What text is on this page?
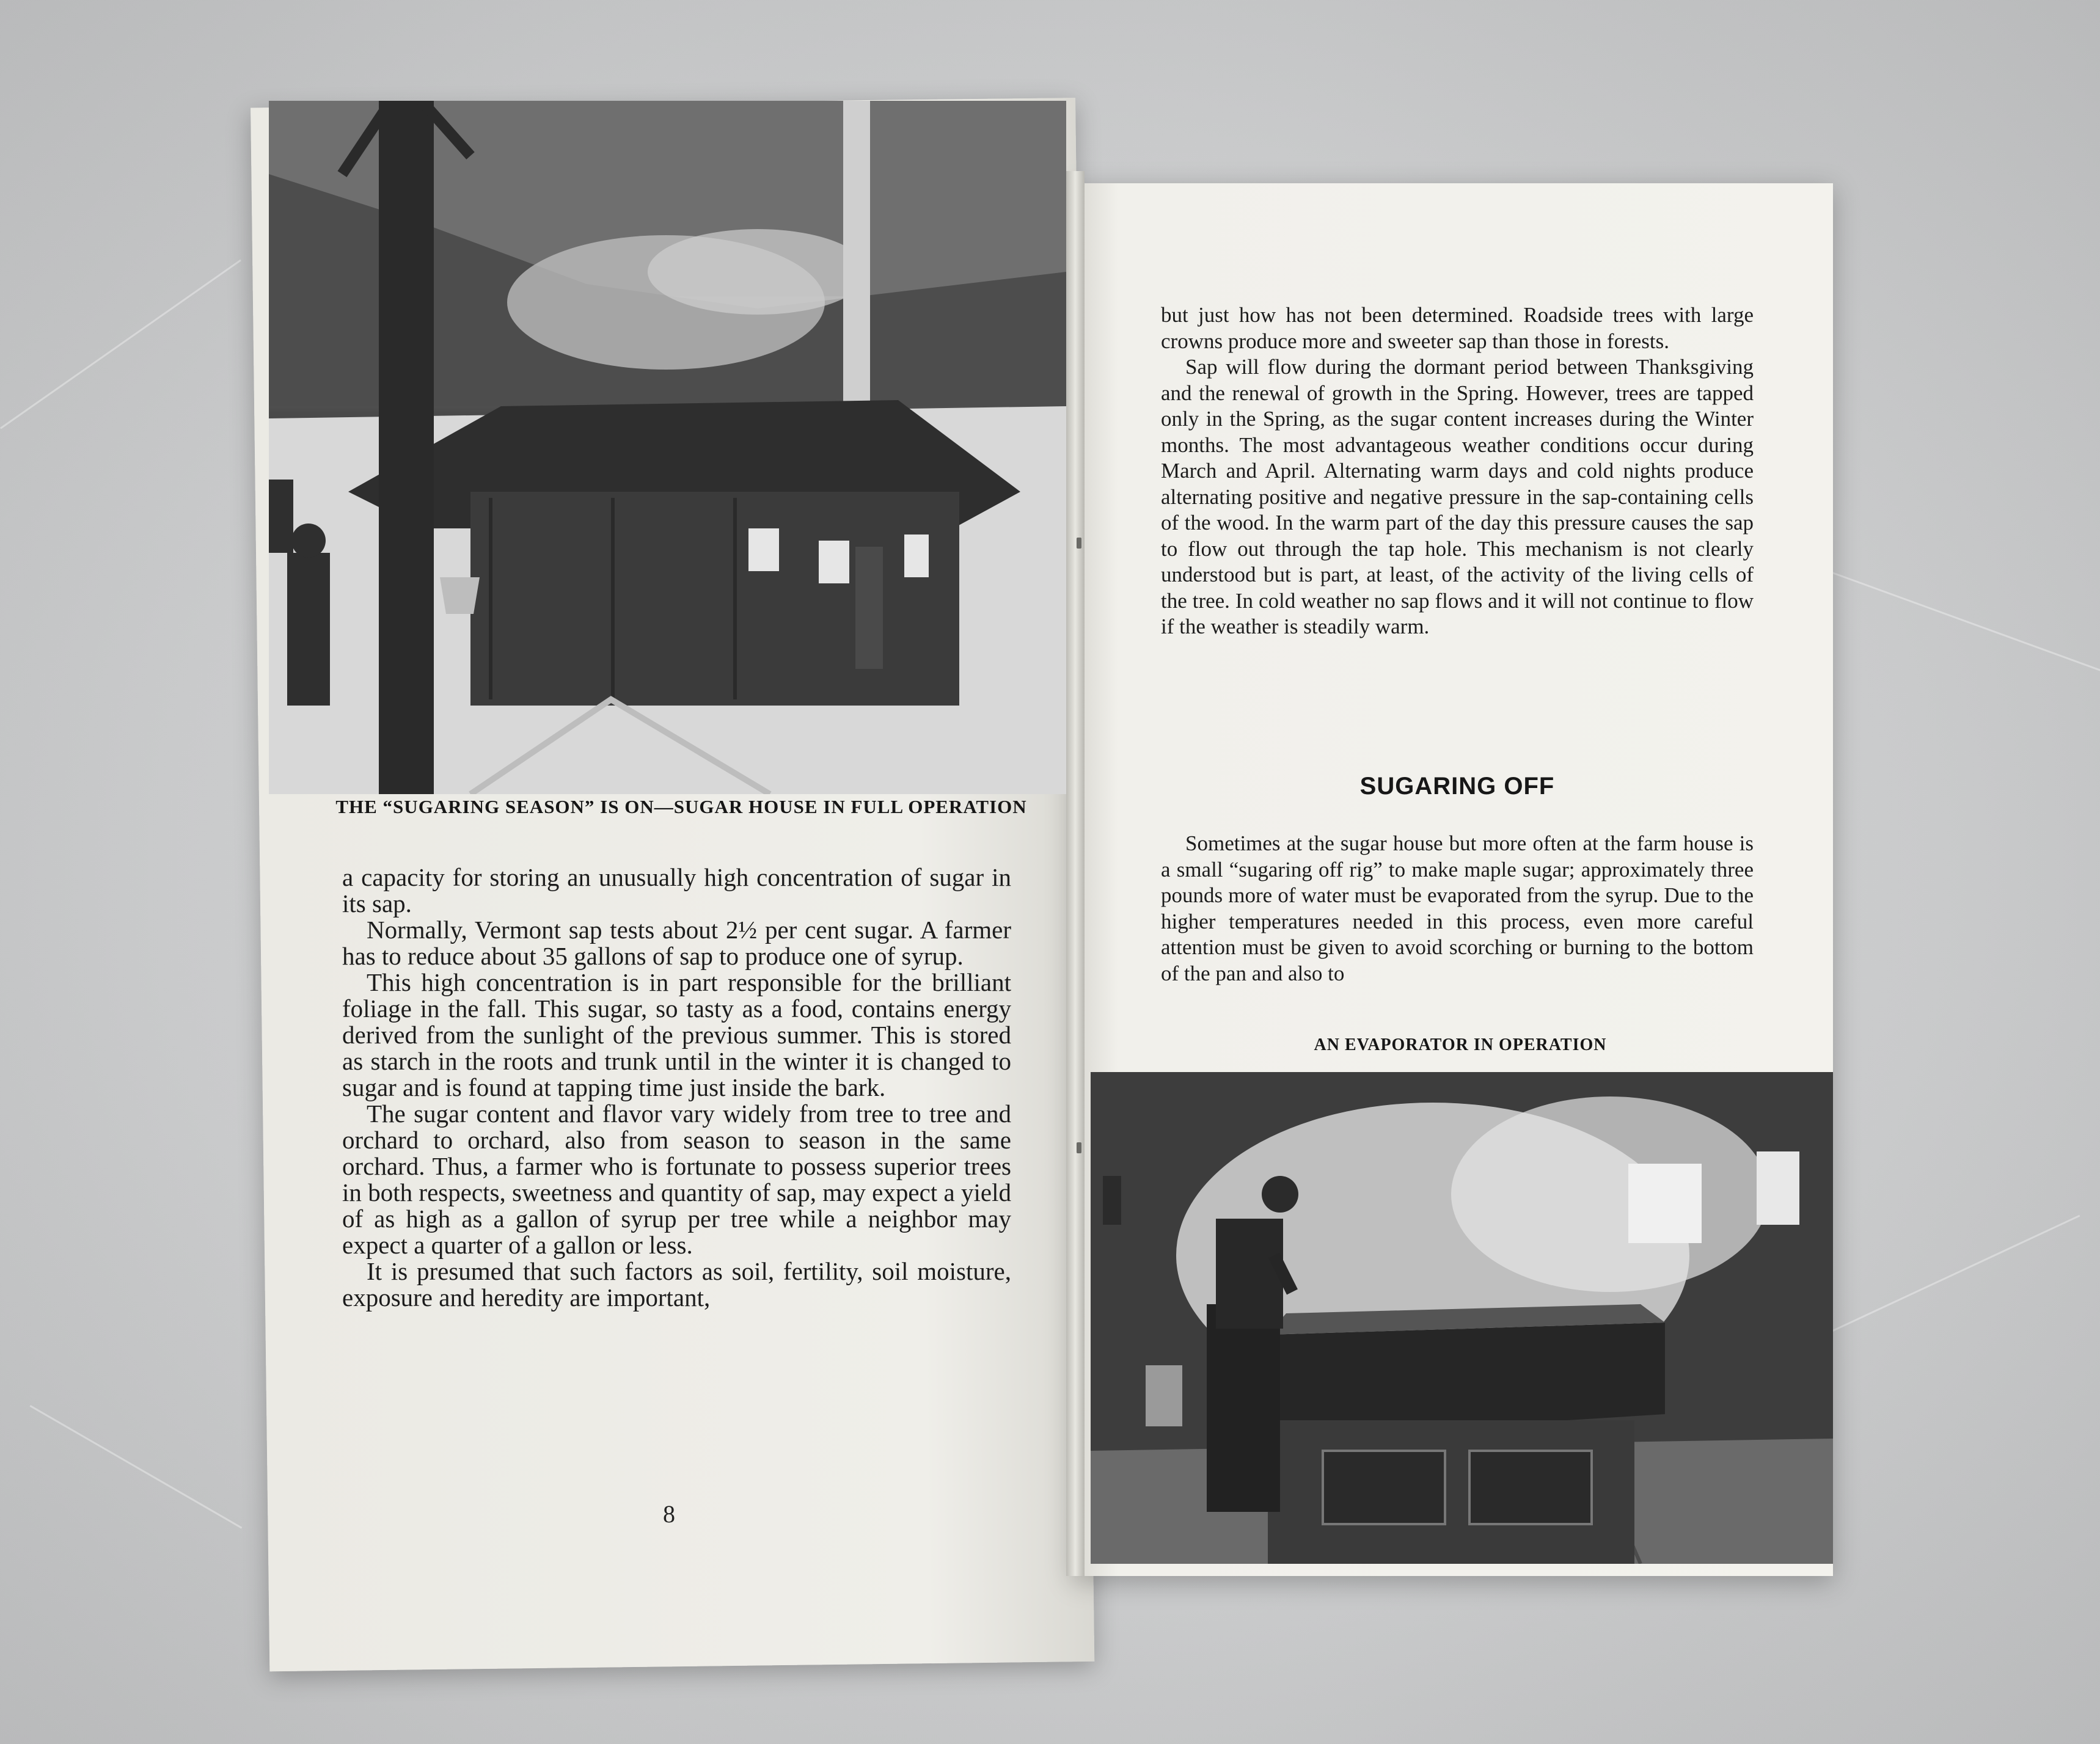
THE “SUGARING SEASON” IS ON—SUGAR HOUSE IN FULL OPERATION

a capacity for storing an unusually high concentration of sugar in its sap.

Normally, Vermont sap tests about 2½ per cent sugar. A farmer has to reduce about 35 gallons of sap to produce one of syrup.

This high concentration is in part responsible for the brilliant foliage in the fall. This sugar, so tasty as a food, contains energy derived from the sunlight of the previous summer. This is stored as starch in the roots and trunk until in the winter it is changed to sugar and is found at tapping time just inside the bark.

The sugar content and flavor vary widely from tree to tree and orchard to orchard, also from season to season in the same orchard. Thus, a farmer who is fortunate to possess superior trees in both respects, sweetness and quantity of sap, may expect a yield of as high as a gallon of syrup per tree while a neighbor may expect a quarter of a gallon or less.

It is presumed that such factors as soil, fertility, soil moisture, exposure and heredity are important,

8

but just how has not been determined. Roadside trees with large crowns produce more and sweeter sap than those in forests.

Sap will flow during the dormant period between Thanksgiving and the renewal of growth in the Spring. However, trees are tapped only in the Spring, as the sugar content increases during the Winter months. The most advantageous weather conditions occur during March and April. Alternating warm days and cold nights produce alternating positive and negative pressure in the sap-containing cells of the wood. In the warm part of the day this pressure causes the sap to flow out through the tap hole. This mechanism is not clearly understood but is part, at least, of the activity of the living cells of the tree. In cold weather no sap flows and it will not continue to flow if the weather is steadily warm.

SUGARING OFF

Sometimes at the sugar house but more often at the farm house is a small “sugaring off rig” to make maple sugar; approximately three pounds more of water must be evaporated from the syrup. Due to the higher temperatures needed in this process, even more careful attention must be given to avoid scorching or burning to the bottom of the pan and also to

AN EVAPORATOR IN OPERATION
